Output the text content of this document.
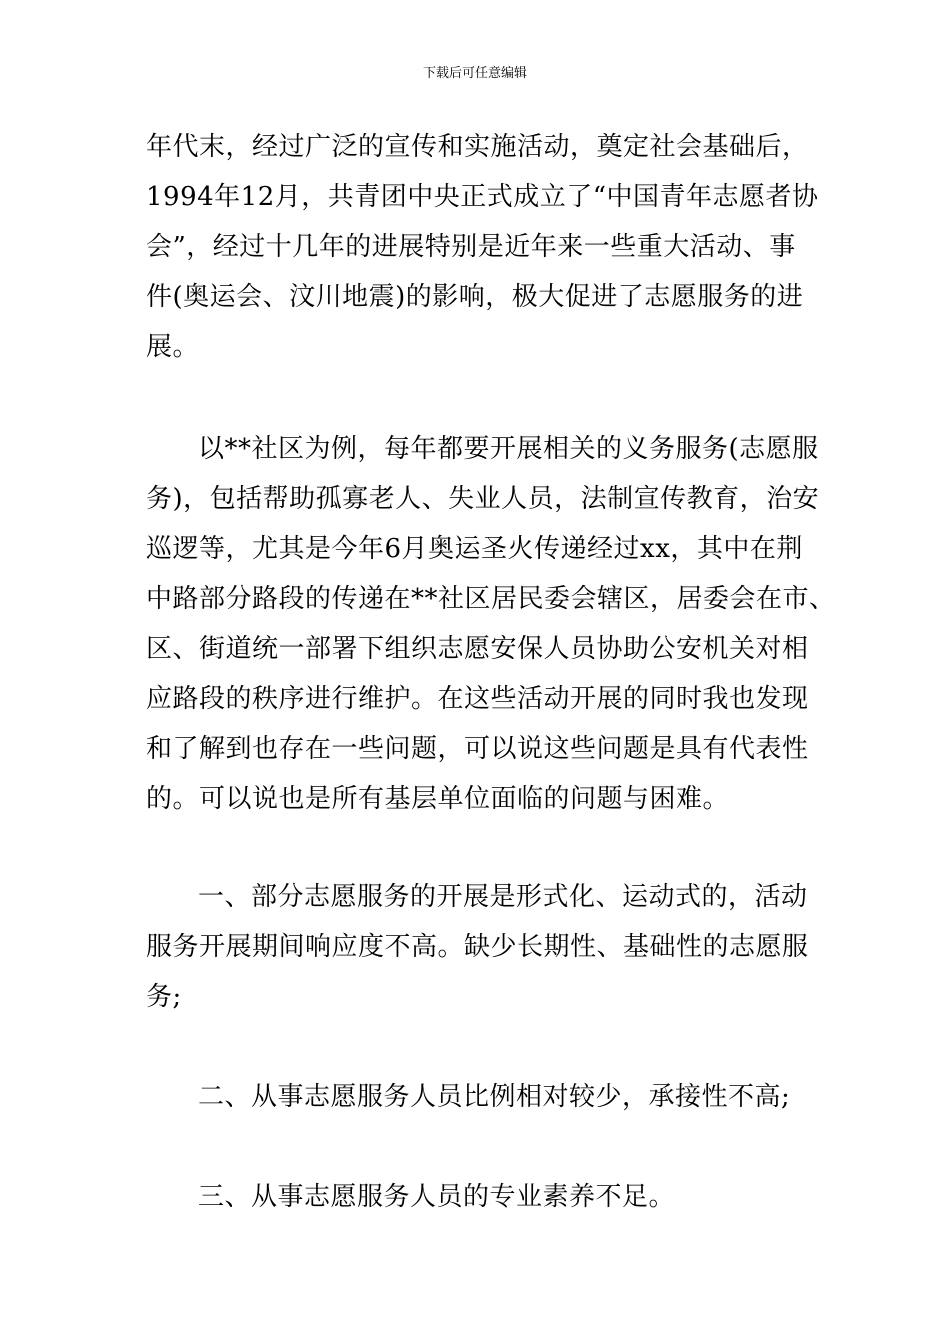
下载后可任意编辑
年代末，经过广泛的宣传和实施活动，奠定社会基础后，
1994年12月，共青团中央正式成立了“中国青年志愿者协
会”，经过十几年的进展特别是近年来一些重大活动、事
件(奥运会、汶川地震)的影响，极大促进了志愿服务的进
展。
以**社区为例，每年都要开展相关的义务服务(志愿服
务)，包括帮助孤寡老人、失业人员，法制宣传教育，治安
巡逻等，尤其是今年6月奥运圣火传递经过xx，其中在荆
中路部分路段的传递在**社区居民委会辖区，居委会在市、
区、街道统一部署下组织志愿安保人员协助公安机关对相
应路段的秩序进行维护。在这些活动开展的同时我也发现
和了解到也存在一些问题，可以说这些问题是具有代表性
的。可以说也是所有基层单位面临的问题与困难。
一、部分志愿服务的开展是形式化、运动式的，活动
服务开展期间响应度不高。缺少长期性、基础性的志愿服
务;
二、从事志愿服务人员比例相对较少，承接性不高;
三、从事志愿服务人员的专业素养不足。
